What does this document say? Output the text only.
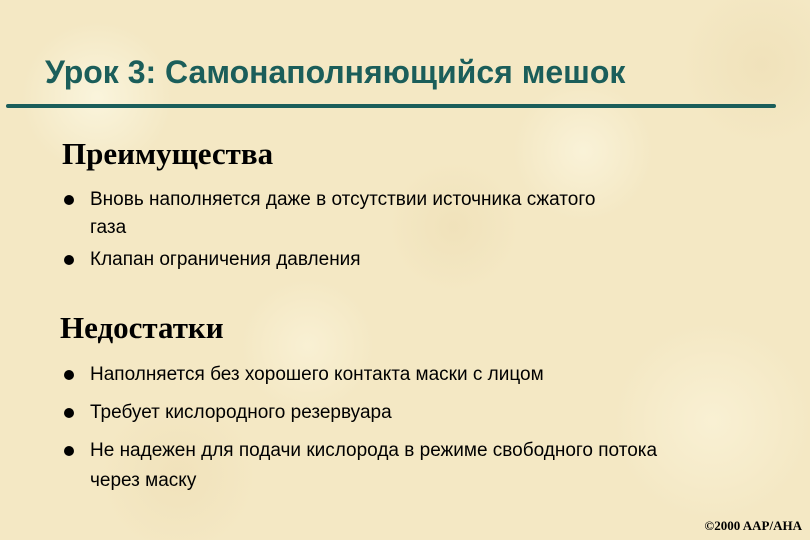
Урок 3: Самонаполняющийся мешок
Преимущества
Вновь наполняется даже в отсутствии источника сжатого газа
Клапан ограничения давления
Недостатки
Наполняется без хорошего контакта маски с лицом
Требует кислородного резервуара
Не надежен для подачи кислорода в режиме свободного потока через маску
©2000 AAP/AHA
